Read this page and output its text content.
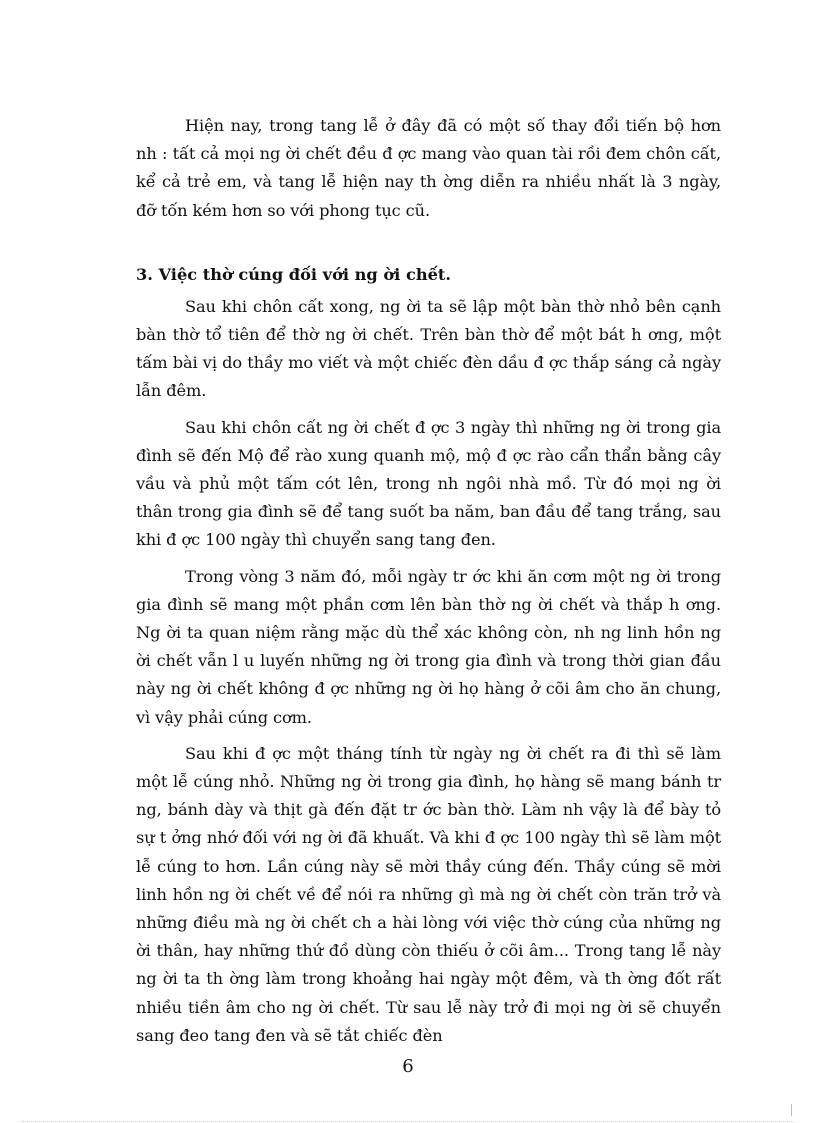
Hiện nay, trong tang lễ ở đây đã có một số thay đổi tiến bộ hơn nh : tất cả mọi ng ời chết đều đ ợc mang vào quan tài rồi đem chôn cất, kể cả trẻ em, và tang lễ hiện nay th ờng diễn ra nhiều nhất là 3 ngày, đỡ tốn kém hơn so với phong tục cũ.

3. Việc thờ cúng đối với ng ời chết.

Sau khi chôn cất xong, ng ời ta sẽ lập một bàn thờ nhỏ bên cạnh bàn thờ tổ tiên để thờ ng ời chết. Trên bàn thờ để một bát h ơng, một tấm bài vị do thầy mo viết và một chiếc đèn dầu đ ợc thắp sáng cả ngày lẫn đêm.

Sau khi chôn cất ng ời chết đ ợc 3 ngày thì những ng ời trong gia đình sẽ đến Mộ để rào xung quanh mộ, mộ đ ợc rào cẩn thẩn bằng cây vầu và phủ một tấm cót lên, trong nh ngôi nhà mồ. Từ đó mọi ng ời thân trong gia đình sẽ để tang suốt ba năm, ban đầu để tang trắng, sau khi đ ợc 100 ngày thì chuyển sang tang đen.

Trong vòng 3 năm đó, mỗi ngày tr ớc khi ăn cơm một ng ời trong gia đình sẽ mang một phần cơm lên bàn thờ ng ời chết và thắp h ơng. Ng ời ta quan niệm rằng mặc dù thể xác không còn, nh ng linh hồn ng ời chết vẫn l u luyến những ng ời trong gia đình và trong thời gian đầu này ng ời chết không đ ợc những ng ời họ hàng ở cõi âm cho ăn chung, vì vậy phải cúng cơm.

Sau khi đ ợc một tháng tính từ ngày ng ời chết ra đi thì sẽ làm một lễ cúng nhỏ. Những ng ời trong gia đình, họ hàng sẽ mang bánh tr ng, bánh dày và thịt gà đến đặt tr ớc bàn thờ. Làm nh vậy là để bày tỏ sự t ởng nhớ đối với ng ời đã khuất. Và khi đ ợc 100 ngày thì sẽ làm một lễ cúng to hơn. Lần cúng này sẽ mời thầy cúng đến. Thầy cúng sẽ mời linh hồn ng ời chết về để nói ra những gì mà ng ời chết còn trăn trở và những điều mà ng ời chết ch a hài lòng với việc thờ cúng của những ng ời thân, hay những thứ đồ dùng còn thiếu ở cõi âm... Trong tang lễ này ng ời ta th ờng làm trong khoảng hai ngày một đêm, và th ờng đốt rất nhiều tiền âm cho ng ời chết. Từ sau lễ này trở đi mọi ng ời sẽ chuyển sang đeo tang đen và sẽ tắt chiếc đèn

6
